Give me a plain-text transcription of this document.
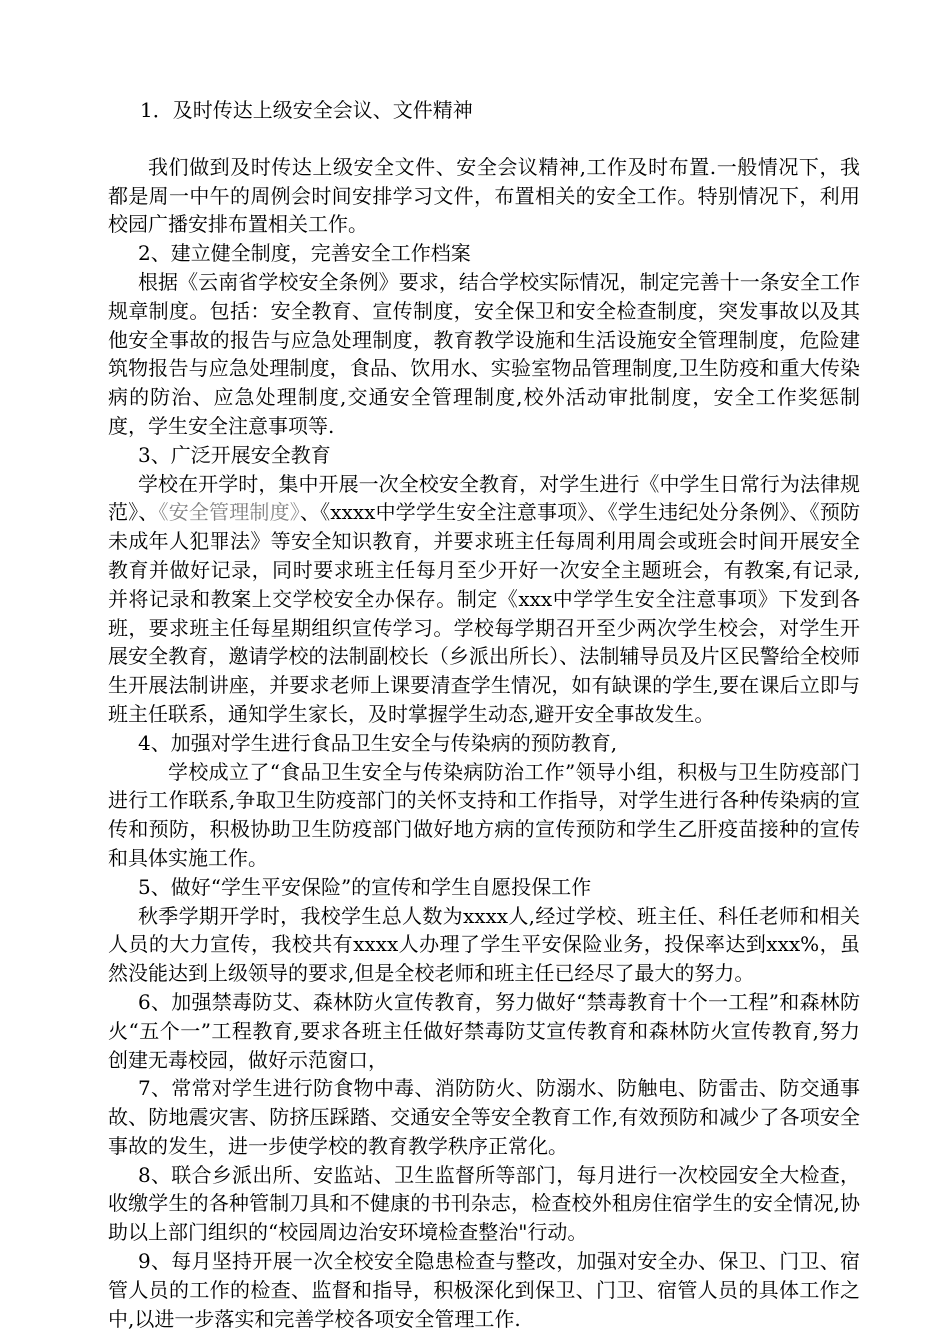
1．及时传达上级安全会议、文件精神

我们做到及时传达上级安全文件、安全会议精神,工作及时布置.一般情况下，我都是周一中午的周例会时间安排学习文件，布置相关的安全工作。特别情况下，利用校园广播安排布置相关工作。

2、建立健全制度，完善安全工作档案

根据《云南省学校安全条例》要求，结合学校实际情况，制定完善十一条安全工作规章制度。包括：安全教育、宣传制度，安全保卫和安全检查制度，突发事故以及其他安全事故的报告与应急处理制度，教育教学设施和生活设施安全管理制度，危险建筑物报告与应急处理制度，食品、饮用水、实验室物品管理制度,卫生防疫和重大传染病的防治、应急处理制度,交通安全管理制度,校外活动审批制度，安全工作奖惩制度，学生安全注意事项等.

3、广泛开展安全教育

学校在开学时，集中开展一次全校安全教育，对学生进行《中学生日常行为法律规范》、《安全管理制度》、《xxxx中学学生安全注意事项》、《学生违纪处分条例》、《预防未成年人犯罪法》等安全知识教育，并要求班主任每周利用周会或班会时间开展安全教育并做好记录，同时要求班主任每月至少开好一次安全主题班会，有教案,有记录,并将记录和教案上交学校安全办保存。制定《xxx中学学生安全注意事项》下发到各班，要求班主任每星期组织宣传学习。学校每学期召开至少两次学生校会，对学生开展安全教育，邀请学校的法制副校长（乡派出所长）、法制辅导员及片区民警给全校师生开展法制讲座，并要求老师上课要清查学生情况，如有缺课的学生,要在课后立即与班主任联系，通知学生家长，及时掌握学生动态,避开安全事故发生。

4、加强对学生进行食品卫生安全与传染病的预防教育,

学校成立了“食品卫生安全与传染病防治工作”领导小组，积极与卫生防疫部门进行工作联系,争取卫生防疫部门的关怀支持和工作指导，对学生进行各种传染病的宣传和预防，积极协助卫生防疫部门做好地方病的宣传预防和学生乙肝疫苗接种的宣传和具体实施工作。

5、做好“学生平安保险”的宣传和学生自愿投保工作

秋季学期开学时，我校学生总人数为xxxx人,经过学校、班主任、科任老师和相关人员的大力宣传，我校共有xxxx人办理了学生平安保险业务，投保率达到xxx%，虽然没能达到上级领导的要求,但是全校老师和班主任已经尽了最大的努力。

6、加强禁毒防艾、森林防火宣传教育，努力做好“禁毒教育十个一工程”和森林防火“五个一”工程教育,要求各班主任做好禁毒防艾宣传教育和森林防火宣传教育,努力创建无毒校园，做好示范窗口，

7、常常对学生进行防食物中毒、消防防火、防溺水、防触电、防雷击、防交通事故、防地震灾害、防挤压踩踏、交通安全等安全教育工作,有效预防和减少了各项安全事故的发生，进一步使学校的教育教学秩序正常化。

8、联合乡派出所、安监站、卫生监督所等部门，每月进行一次校园安全大检查，收缴学生的各种管制刀具和不健康的书刊杂志，检查校外租房住宿学生的安全情况,协助以上部门组织的“校园周边治安环境检查整治"行动。

9、每月坚持开展一次全校安全隐患检查与整改，加强对安全办、保卫、门卫、宿管人员的工作的检查、监督和指导，积极深化到保卫、门卫、宿管人员的具体工作之中,以进一步落实和完善学校各项安全管理工作.
